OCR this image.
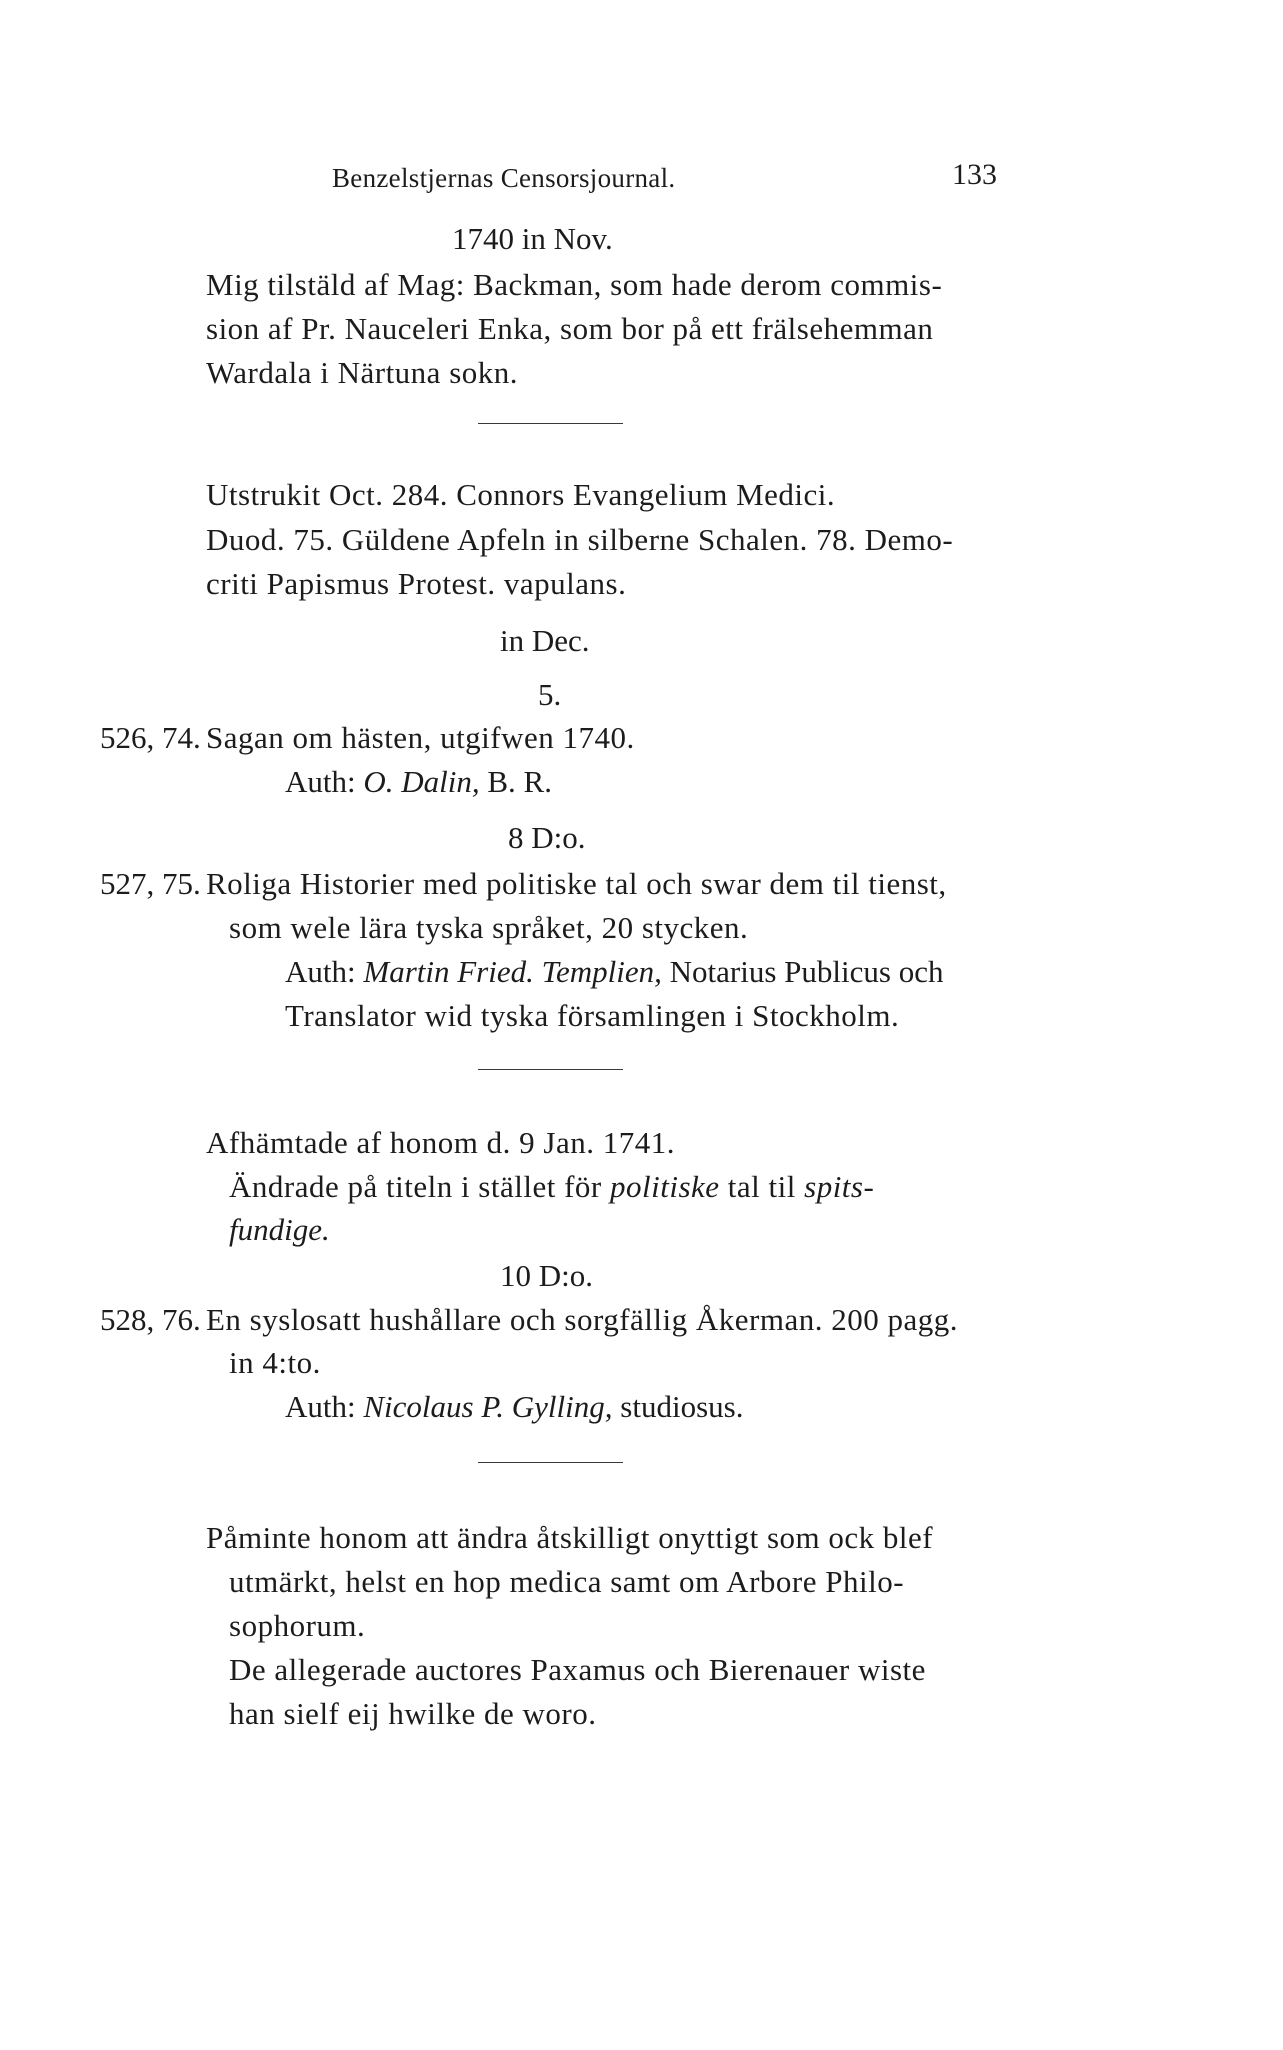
Benzelstjernas Censorsjournal.	133
1740 in Nov.
Mig tilstäld af Mag: Backman, som hade derom commis-
sion af Pr. Nauceleri Enka, som bor på ett frälsehemman
Wardala i Närtuna sokn.
Utstrukit Oct. 284. Connors Evangelium Medici.
Duod. 75. Güldene Apfeln in silberne Schalen. 78. Demo-
criti Papismus Protest. vapulans.
in Dec.
5.
526, 74. Sagan om hästen, utgifwen 1740.
Auth: O. Dalin, B. R.
8 D:o.
527, 75. Roliga Historier med politiske tal och swar dem til tienst,
som wele lära tyska språket, 20 stycken.
Auth: Martin Fried. Templien, Notarius Publicus och
Translator wid tyska församlingen i Stockholm.
Afhämtade af honom d. 9 Jan. 1741.
Ändrade på titeln i stället för politiske tal til spits-
fundige.
10 D:o.
528, 76. En syslosatt hushållare och sorgfällig Åkerman. 200 pagg.
in 4:to.
Auth: Nicolaus P. Gylling, studiosus.
Påminte honom att ändra åtskilligt onyttigt som ock blef
utmärkt, helst en hop medica samt om Arbore Philo-
sophorum.
De allegerade auctores Paxamus och Bierenauer wiste
han sielf eij hwilke de woro.
